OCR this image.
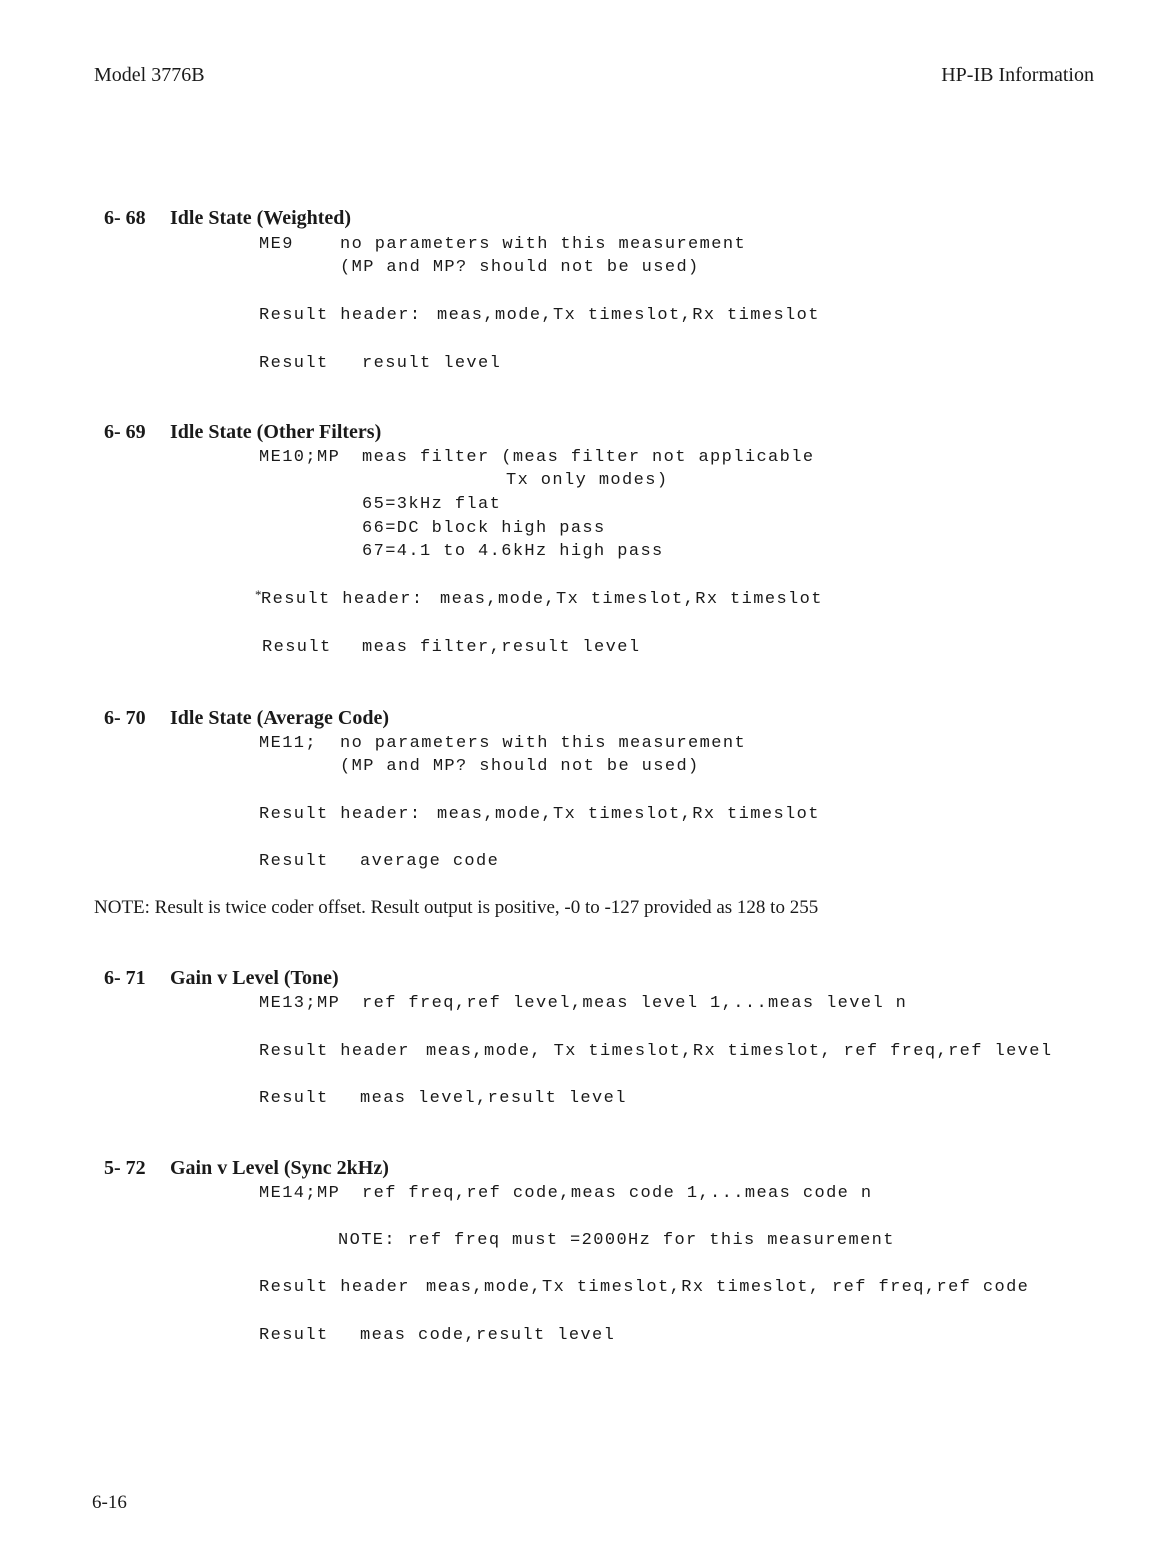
Model 3776B	HP-IB Information

6- 68 Idle State (Weighted)

ME9	no parameters with this measurement
(MP and MP? should not be used)
Result header: meas,mode,Tx timeslot,Rx timeslot
Result result level

6- 69 Idle State (Other Filters)

ME10;MP meas filter (meas filter not applicable
Tx only modes)
65=3kHz flat
66=DC block high pass
67=4.1 to 4.6kHz high pass
* Result header: meas,mode,Tx timeslot,Rx timeslot
Result meas filter,result level

6- 70 Idle State (Average Code)

ME11; no parameters with this measurement
(MP and MP? should not be used)
Result header: meas,mode,Tx timeslot,Rx timeslot
Result average code
NOTE: Result is twice coder offset. Result output is positive, -0 to -127 provided as 128 to 255

6- 71 Gain v Level (Tone)

ME13;MP ref freq,ref level,meas level 1,...meas level n
Result header meas,mode, Tx timeslot,Rx timeslot, ref freq,ref level
Result meas level,result level

5- 72 Gain v Level (Sync 2kHz)

ME14;MP ref freq,ref code,meas code 1,...meas code n
NOTE: ref freq must =2000Hz for this measurement
Result header meas,mode,Tx timeslot,Rx timeslot, ref freq,ref code
Result meas code,result level
6-16
